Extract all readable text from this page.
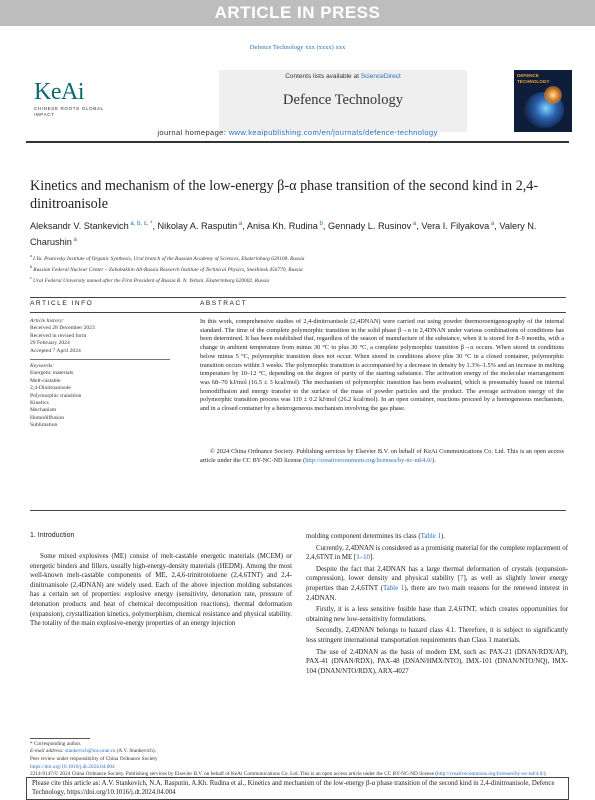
ARTICLE IN PRESS
Defence Technology xxx (xxxx) xxx
KeAi
CHINESE ROOTS GLOBAL IMPACT
Contents lists available at ScienceDirect
Defence Technology
DEFENCE TECHNOLOGY
journal homepage: www.keaipublishing.com/en/journals/defence-technology
Kinetics and mechanism of the low-energy β-α phase transition of the second kind in 2,4-dinitroanisole
Aleksandr V. Stankevich $^{a, b, c, *}$, Nikolay A. Rasputin $^a$, Anisa Kh. Rudina $^b$, Gennady L. Rusinov $^a$, Vera I. Filyakova $^a$, Valery N. Charushin $^a$
$^a$ I.Ya. Postovsky Institute of Organic Synthesis, Ural branch of the Russian Academy of Sciences, Ekaterinburg 620108, Russia
$^b$ Russian Federal Nuclear Center – Zababakhin All-Russia Research Institute of Technical Physics, Snezhinsk 456770, Russia
$^c$ Ural Federal University named after the First President of Russia B. N. Yeltsin, Ekaterinburg 620002, Russia
ARTICLE INFO	ABSTRACT
Article history:
Received 28 December 2023
Received in revised form
29 February 2024
Accepted 7 April 2024
Keywords:
Energetic materials
Melt-castable
2,4-Dinitroanisole
Polymorphic transition
Kinetics
Mechanism
Homodiffusion
Sublimation
In this work, comprehensive studies of 2,4-dinitroanisole (2,4DNAN) were carried out using powder thermoroentgenography of the internal standard. The time of the complete polymorphic transition in the solid phase β→α in 2,4DNAN under various combinations of conditions has been determined. It has been established that, regardless of the season of manufacture of the substance, when it is stored for 8–9 months, with a change in ambient temperature from minus 30 °C to plus 30 °C, a complete polymorphic transition β→α occurs. When stored in conditions below minus 5 °C, polymorphic transition does not occur. When stored in conditions above plus 30 °C in a closed container, polymorphic transition occurs within 3 weeks. The polymorphic transition is accompanied by a decrease in density by 1.3%–1.5% and an increase in melting temperature by 10–12 °C, depending on the degree of purity of the starting substance. The activation energy of the molecular rearrangement was 68–70 kJ/mol (16.5 ± 3 kcal/mol). The mechanism of polymorphic transition has been evaluated, which is presumably based on internal homodiffusion and energy transfer to the surface of the mass of powder particles and the product. The average activation energy of the polymorphic transition process was 110 ± 0.2 kJ/mol (26.2 kcal/mol). In an open container, reactions proceed by a homogeneous mechanism, and in a closed container by a heterogeneous mechanism involving the gas phase.
© 2024 China Ordnance Society. Publishing services by Elsevier B.V. on behalf of KeAi Communications Co. Ltd. This is an open access article under the CC BY-NC-ND license (http://creativecommons.org/licenses/by-nc-nd/4.0/).
1. Introduction

Some mixed explosives (ME) consist of melt-castable energetic materials (MCEM) or energetic binders and fillers, usually high-energy-density materials (HEDM). Among the most well-known melt-castable components of ME, 2,4,6-trinitrotoluene (2,4,6TNT) and 2,4-dinitroanisole (2,4DNAN) are widely used. Each of the above injection molding substances has a certain set of properties: explosive energy (sensitivity, detonation rate, pressure of detonation products and heat of chemical decomposition reactions), thermal deformation (expansion), crystallization kinetics, polymorphism, chemical resistance and physical stability. The totality of the main explosive-energy properties of an energy injection

molding component determines its class (Table 1).

Currently, 2,4DNAN is considered as a promising material for the complete replacement of 2,4,6TNT in ME [1–10].

Despite the fact that 2,4DNAN has a large thermal deformation of crystals (expansion-compression), lower density and physical stability [7], as well as slightly lower energy properties than 2,4,6TNT (Table 1), there are two main reasons for the renewed interest in 2,4DNAN.

Firstly, it is a less sensitive fusible base than 2,4,6TNT, which creates opportunities for obtaining new low-sensitivity formulations.

Secondly, 2,4DNAN belongs to hazard class 4.1. Therefore, it is subject to significantly less stringent international transportation requirements than Class 1 materials.

The use of 2,4DNAN as the basis of modern EM, such as: PAX-21 (DNAN/RDX/AP), PAX-41 (DNAN/RDX), PAX-48 (DNAN/HMX/NTO), IMX-101 (DNAN/NTO/NQ), IMX-104 (DNAN/NTO/RDX), ARX-4027

* Corresponding author.
E-mail address: stankevich@ios.uran.ru (A.V. Stankevich).
Peer review under responsibility of China Ordnance Society
https://doi.org/10.1016/j.dt.2024.04.004
2214-9147/© 2024 China Ordnance Society. Publishing services by Elsevier B.V. on behalf of KeAi Communications Co. Ltd. This is an open access article under the CC BY-NC-ND license (http://creativecommons.org/licenses/by-nc-nd/4.0/).
Please cite this article as: A.V. Stankevich, N.A. Rasputin, A.Kh. Rudina et al., Kinetics and mechanism of the low-energy β-α phase transition of the second kind in 2,4-dinitroanisole, Defence Technology, https://doi.org/10.1016/j.dt.2024.04.004
